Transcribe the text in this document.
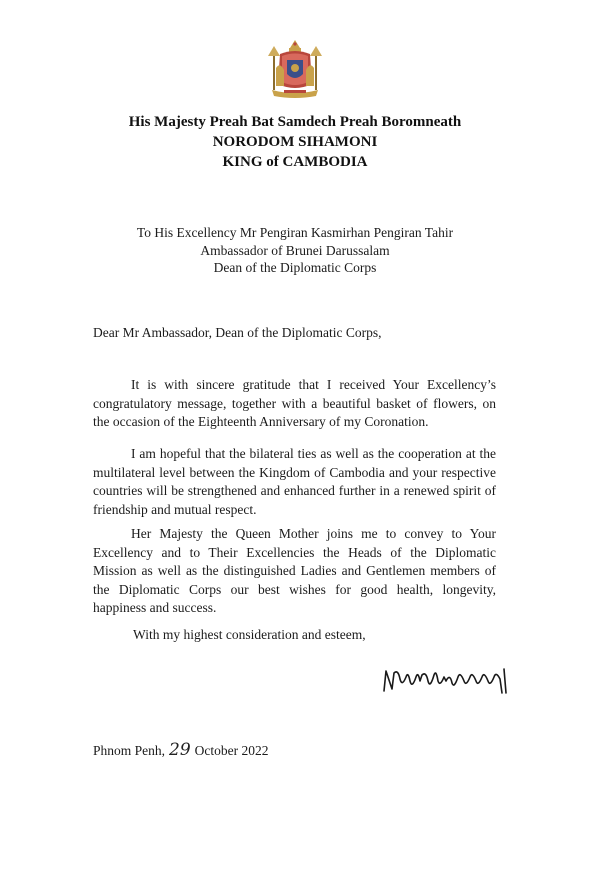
His Majesty Preah Bat Samdech Preah Boromneath
NORODOM SIHAMONI
KING of CAMBODIA
To His Excellency Mr Pengiran Kasmirhan Pengiran Tahir
Ambassador of Brunei Darussalam
Dean of the Diplomatic Corps
Dear Mr Ambassador, Dean of the Diplomatic Corps,

It is with sincere gratitude that I received Your Excellency’s congratulatory message, together with a beautiful basket of flowers, on the occasion of the Eighteenth Anniversary of my Coronation.

I am hopeful that the bilateral ties as well as the cooperation at the multilateral level between the Kingdom of Cambodia and your respective countries will be strengthened and enhanced further in a renewed spirit of friendship and mutual respect.

Her Majesty the Queen Mother joins me to convey to Your Excellency and to Their Excellencies the Heads of the Diplomatic Mission as well as the distinguished Ladies and Gentlemen members of the Diplomatic Corps our best wishes for good health, longevity, happiness and success.

With my highest consideration and esteem,
Phnom Penh, 29 October 2022
